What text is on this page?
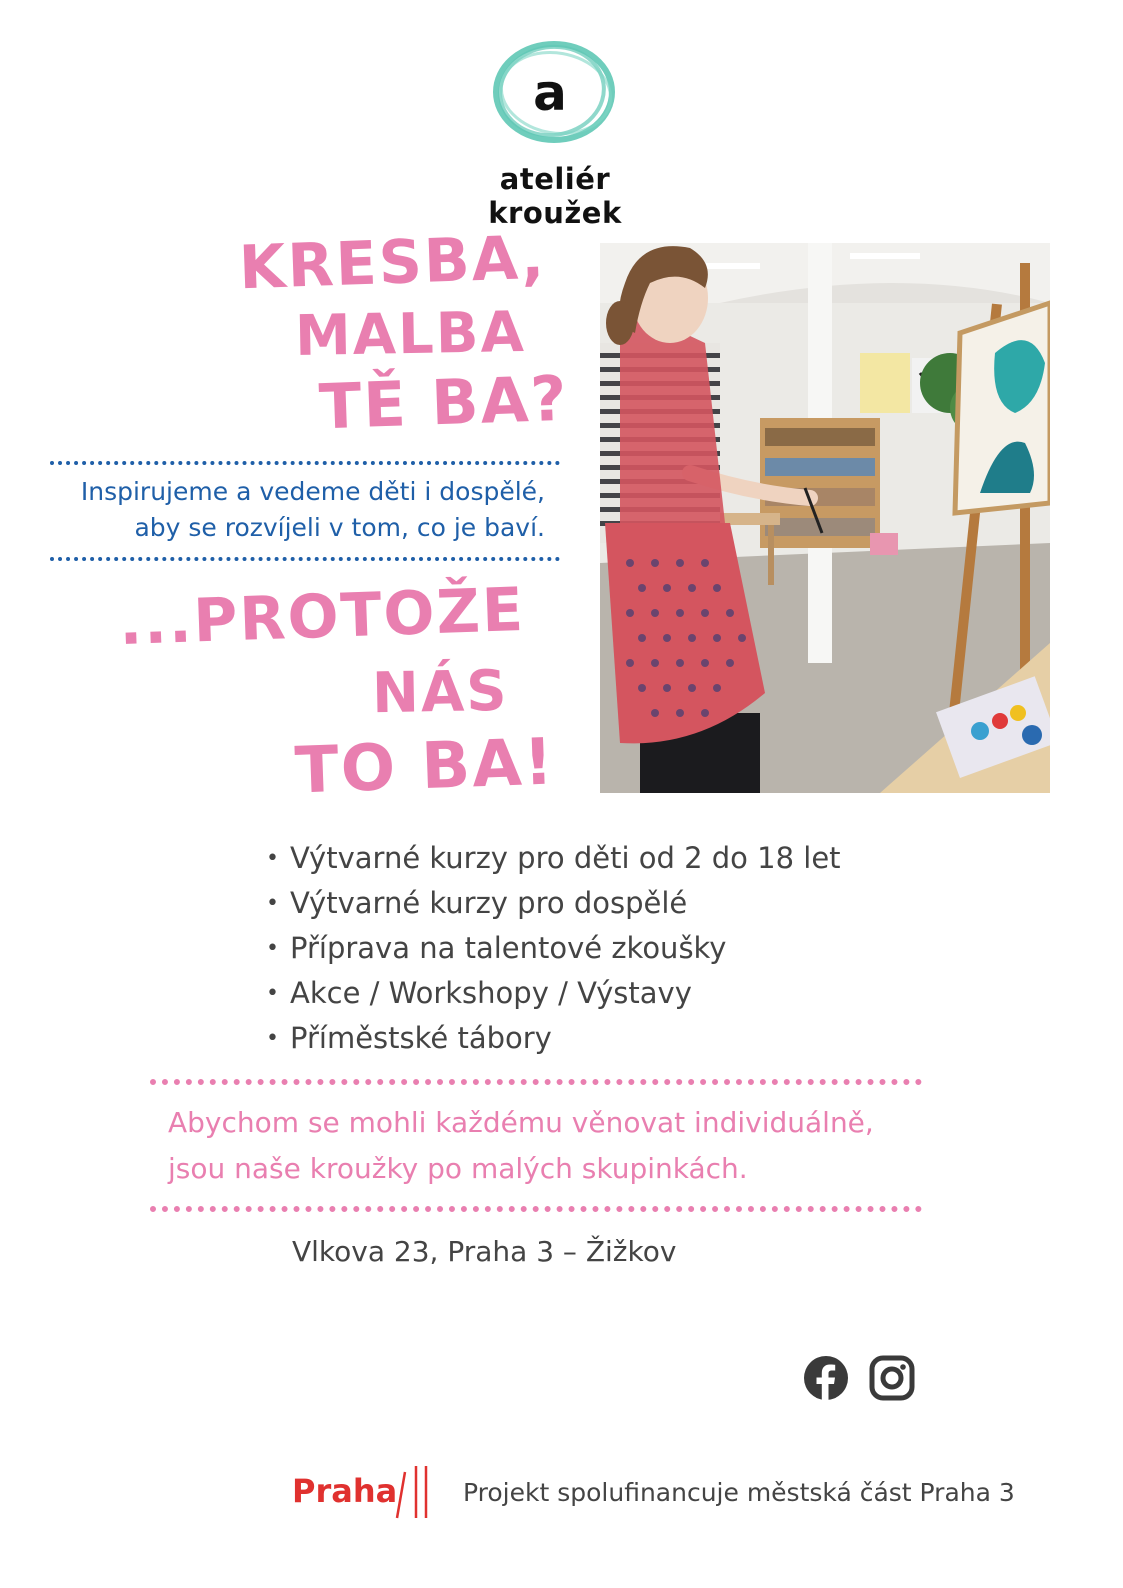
a
ateliér kroužek
KRESBA,
MALBA
TĚ BA?
Inspirujeme a vedeme děti i dospělé,
aby se rozvíjeli v tom, co je baví.
...PROTOŽE
NÁS
TO BA!
• Výtvarné kurzy pro děti od 2 do 18 let
• Výtvarné kurzy pro dospělé
• Příprava na talentové zkoušky
• Akce / Workshopy / Výstavy
• Příměstské tábory
Abychom se mohli každému věnovat individuálně,
jsou naše kroužky po malých skupinkách.
Vlkova 23, Praha 3 – Žižkov
Praha	Projekt spolufinancuje městská část Praha 3
